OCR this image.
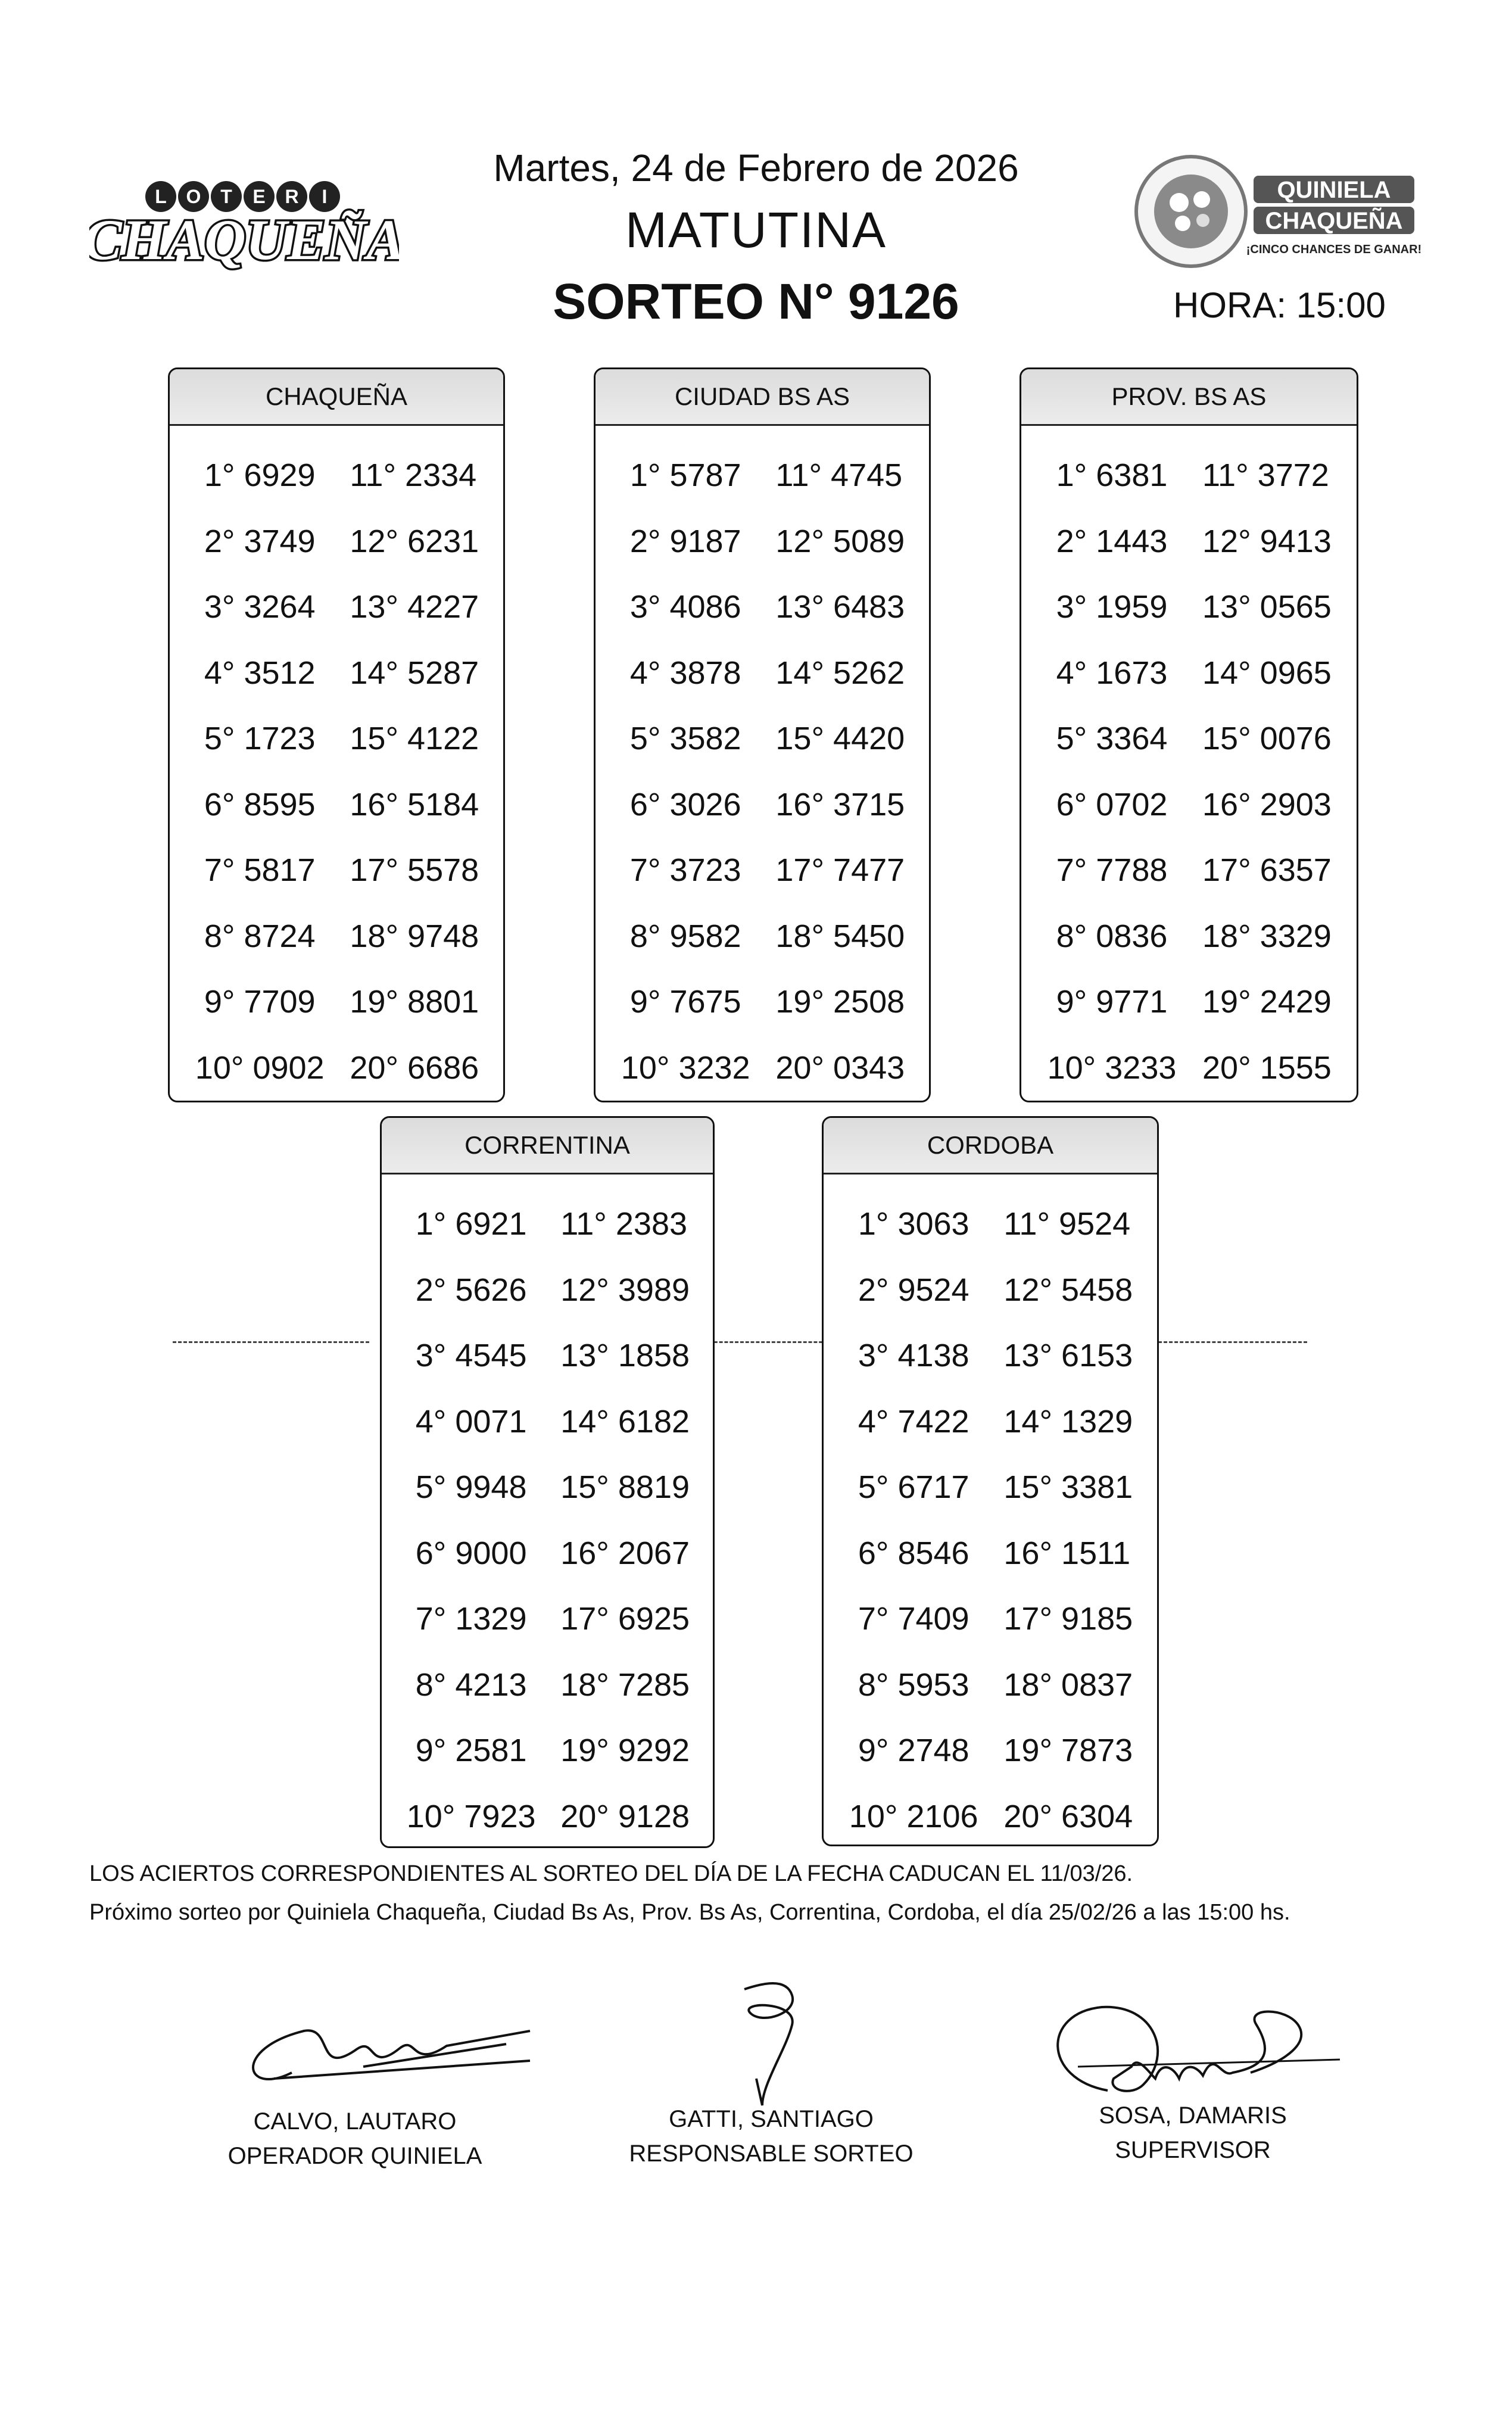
L O T E R I
CHAQUEÑA
QUINIELA
CHAQUEÑA
¡CINCO CHANCES DE GANAR!
Martes, 24 de Febrero de 2026
MATUTINA
SORTEO N° 9126	HORA: 15:00
CHAQUEÑA
1° 6929	11° 2334
2° 3749	12° 6231
3° 3264	13° 4227
4° 3512	14° 5287
5° 1723	15° 4122
6° 8595	16° 5184
7° 5817	17° 5578
8° 8724	18° 9748
9° 7709	19° 8801
10° 0902 20° 6686
CIUDAD BS AS
1° 5787	11° 4745
2° 9187	12° 5089
3° 4086	13° 6483
4° 3878	14° 5262
5° 3582	15° 4420
6° 3026	16° 3715
7° 3723	17° 7477
8° 9582	18° 5450
9° 7675	19° 2508
10° 3232 20° 0343
PROV. BS AS
1° 6381	11° 3772
2° 1443	12° 9413
3° 1959	13° 0565
4° 1673	14° 0965
5° 3364	15° 0076
6° 0702	16° 2903
7° 7788	17° 6357
8° 0836	18° 3329
9° 9771	19° 2429
10° 3233 20° 1555
CORRENTINA
1° 6921	11° 2383
2° 5626	12° 3989
3° 4545	13° 1858
4° 0071	14° 6182
5° 9948	15° 8819
6° 9000	16° 2067
7° 1329	17° 6925
8° 4213	18° 7285
9° 2581	19° 9292
10° 7923 20° 9128
CORDOBA
1° 3063	11° 9524
2° 9524	12° 5458
3° 4138	13° 6153
4° 7422	14° 1329
5° 6717	15° 3381
6° 8546	16° 1511
7° 7409	17° 9185
8° 5953	18° 0837
9° 2748	19° 7873
10° 2106 20° 6304
LOS ACIERTOS CORRESPONDIENTES AL SORTEO DEL DÍA DE LA FECHA CADUCAN EL 11/03/26.
Próximo sorteo por Quiniela Chaqueña, Ciudad Bs As, Prov. Bs As, Correntina, Cordoba, el día 25/02/26 a las 15:00 hs.
CALVO, LAUTARO
OPERADOR QUINIELA
GATTI, SANTIAGO
RESPONSABLE SORTEO
SOSA, DAMARIS
SUPERVISOR
